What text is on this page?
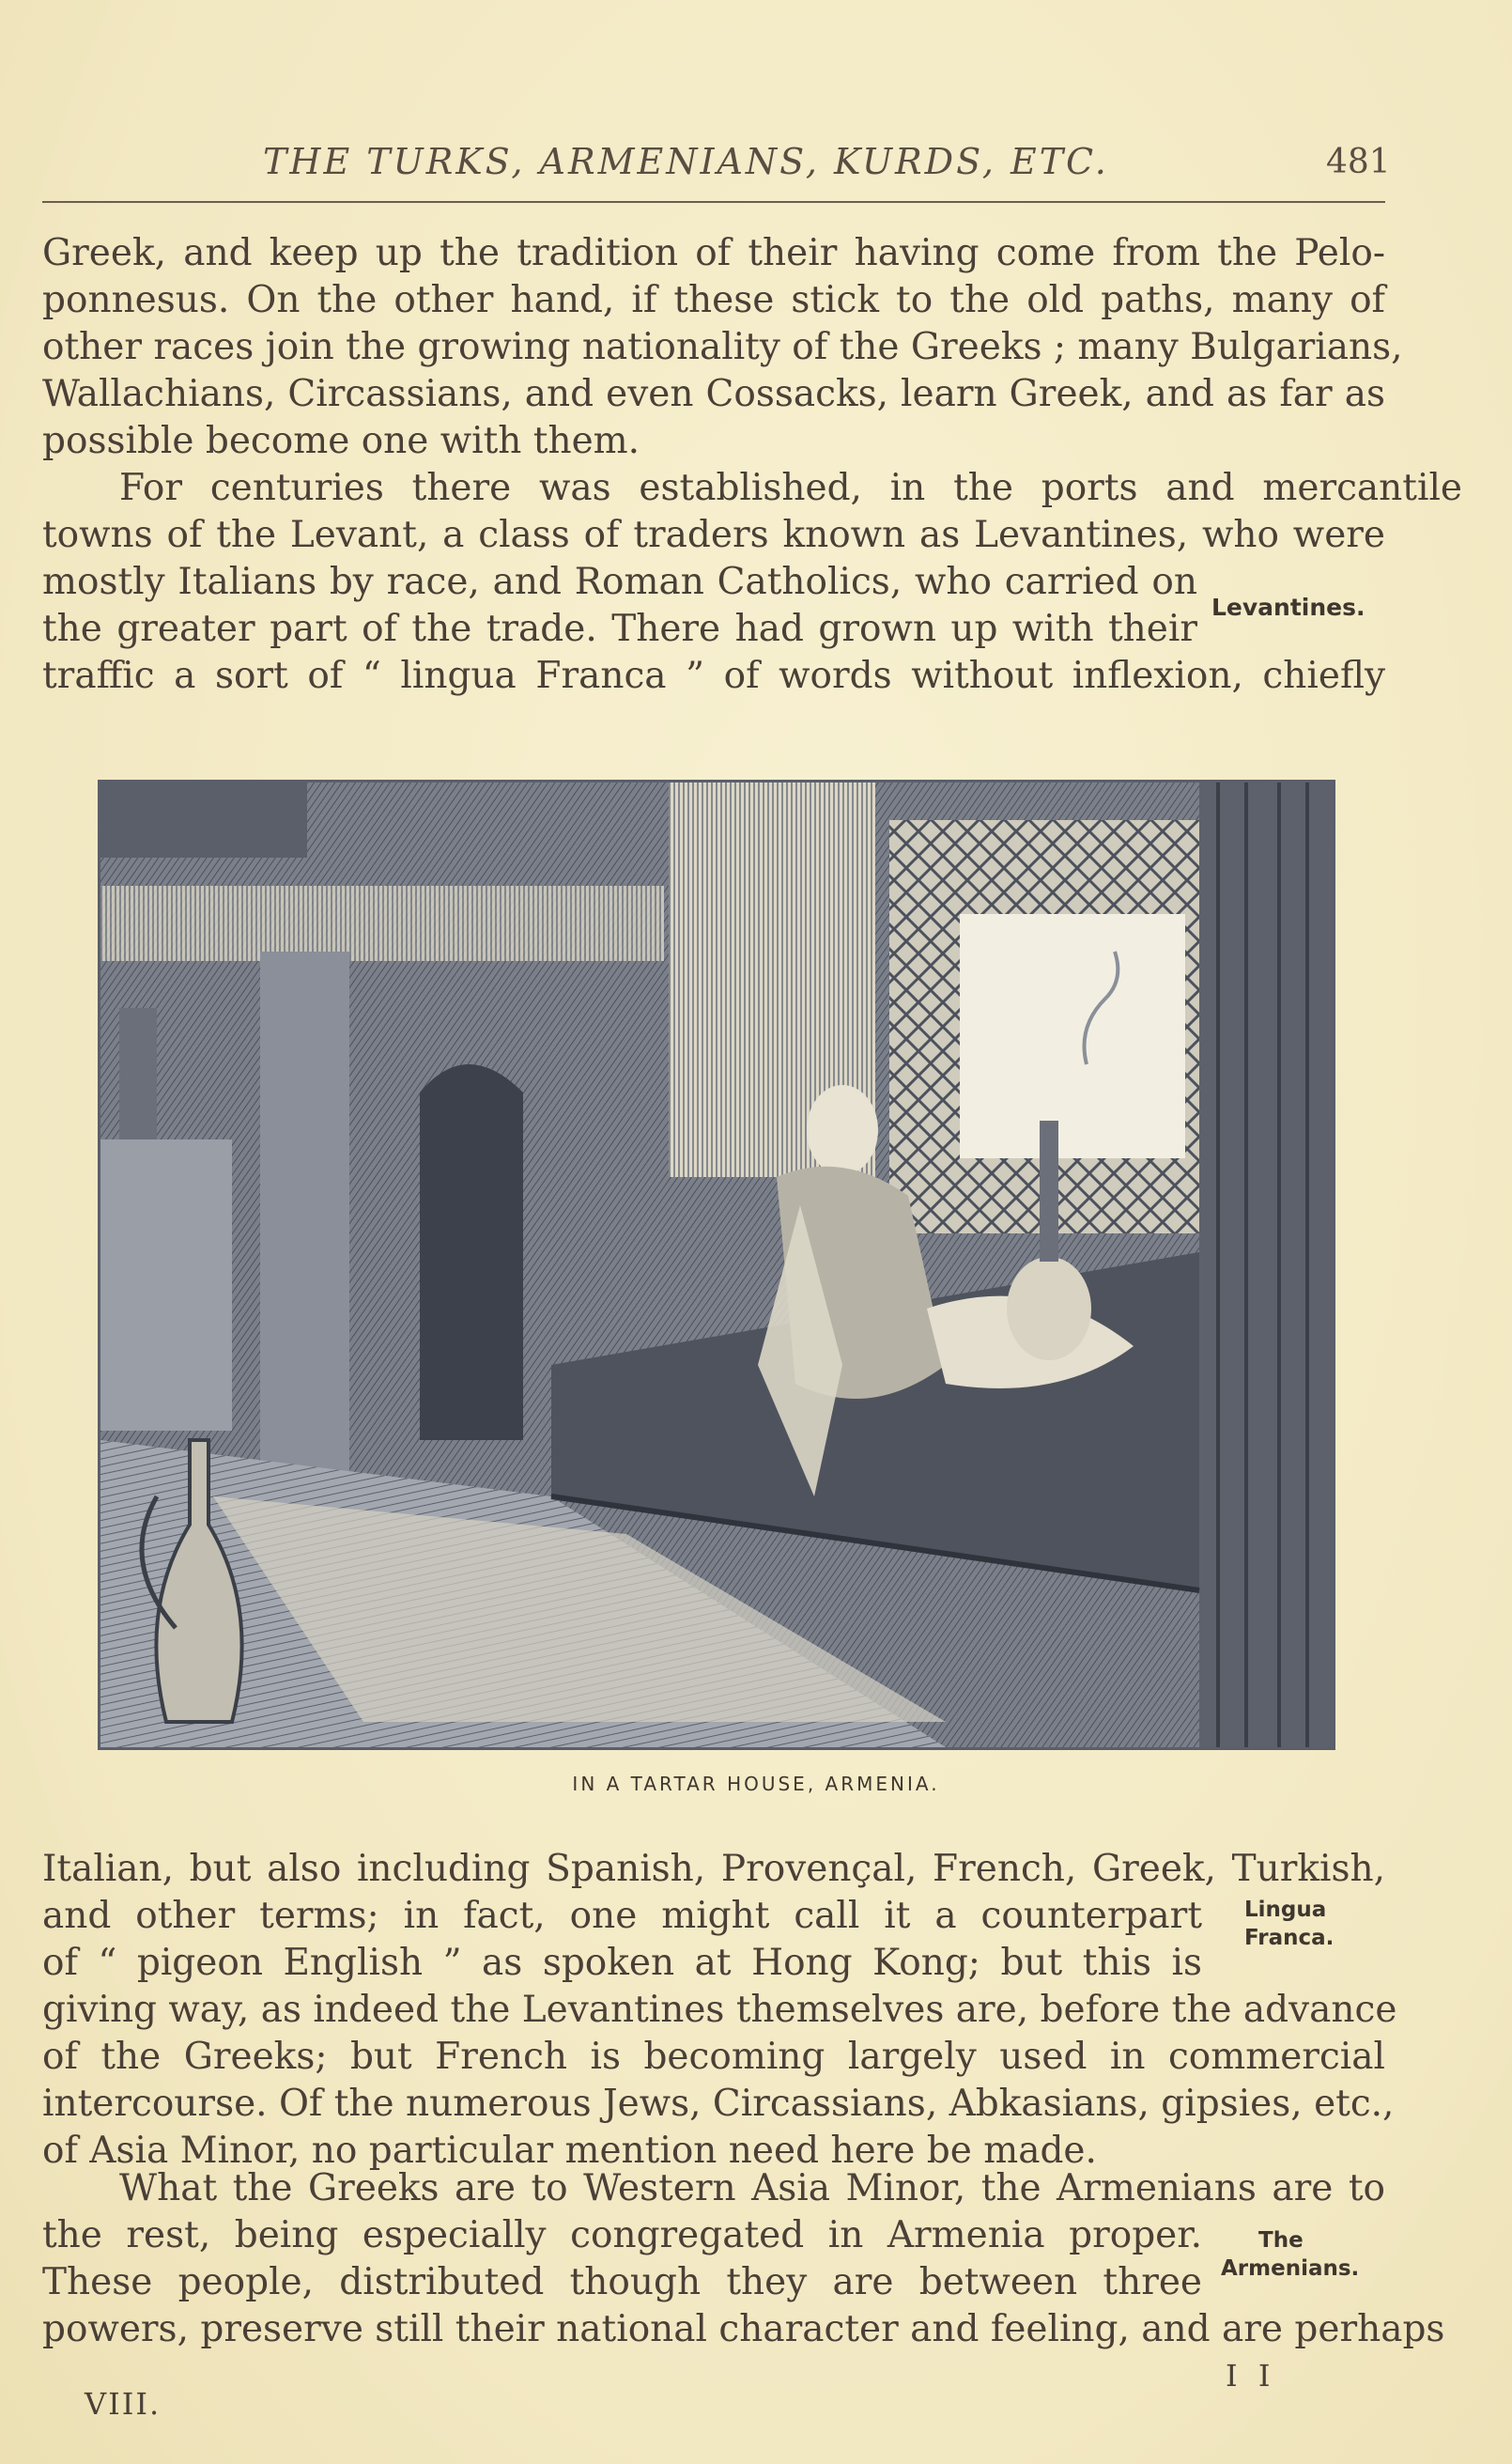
THE TURKS, ARMENIANS, KURDS, ETC.	481
Greek, and keep up the tradition of their having come from the Pelo-
ponnesus. On the other hand, if these stick to the old paths, many of
other races join the growing nationality of the Greeks ; many Bulgarians,
Wallachians, Circassians, and even Cossacks, learn Greek, and as far as
possible become one with them.
For centuries there was established, in the ports and mercantile
towns of the Levant, a class of traders known as Levantines, who were
mostly Italians by race, and Roman Catholics, who carried on
the greater part of the trade. There had grown up with their
traffic a sort of “ lingua Franca ” of words without inflexion, chiefly
Levantines.
IN A TARTAR HOUSE, ARMENIA.
Italian, but also including Spanish, Provençal, French, Greek, Turkish,
and other terms; in fact, one might call it a counterpart
of “ pigeon English ” as spoken at Hong Kong; but this is
giving way, as indeed the Levantines themselves are, before the advance
of the Greeks; but French is becoming largely used in commercial
intercourse. Of the numerous Jews, Circassians, Abkasians, gipsies, etc.,
of Asia Minor, no particular mention need here be made.
Lingua
Franca.
What the Greeks are to Western Asia Minor, the Armenians are to
the rest, being especially congregated in Armenia proper.
These people, distributed though they are between three
powers, preserve still their national character and feeling, and are perhaps
The
Armenians.
VIII.
I I
